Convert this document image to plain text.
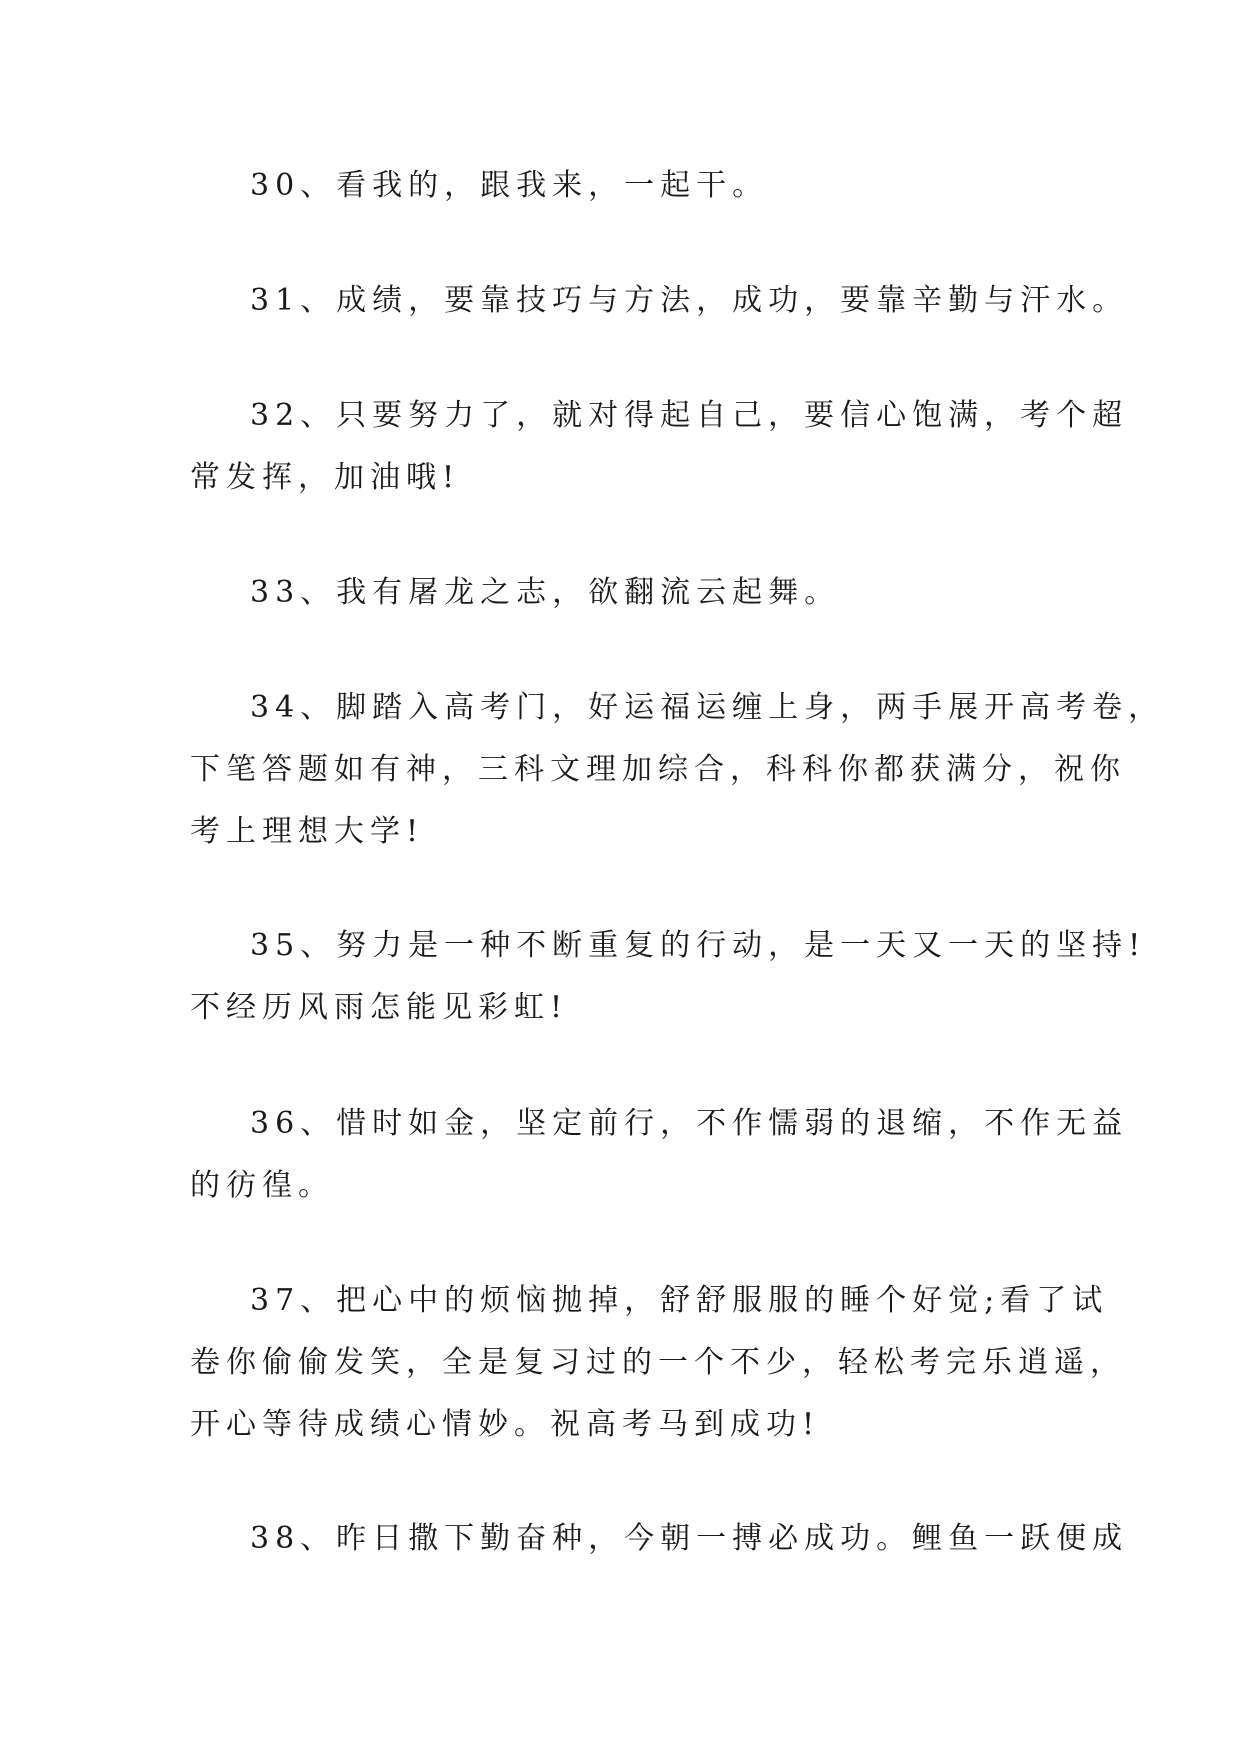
30、看我的，跟我来，一起干。
31、成绩，要靠技巧与方法，成功，要靠辛勤与汗水。
32、只要努力了，就对得起自己，要信心饱满，考个超
常发挥，加油哦!
33、我有屠龙之志，欲翻流云起舞。
34、脚踏入高考门，好运福运缠上身，两手展开高考卷，
下笔答题如有神，三科文理加综合，科科你都获满分，祝你
考上理想大学!
35、努力是一种不断重复的行动，是一天又一天的坚持!
不经历风雨怎能见彩虹!
36、惜时如金，坚定前行，不作懦弱的退缩，不作无益
的彷徨。
37、把心中的烦恼抛掉，舒舒服服的睡个好觉;看了试
卷你偷偷发笑，全是复习过的一个不少，轻松考完乐逍遥，
开心等待成绩心情妙。祝高考马到成功!
38、昨日撒下勤奋种，今朝一搏必成功。鲤鱼一跃便成
